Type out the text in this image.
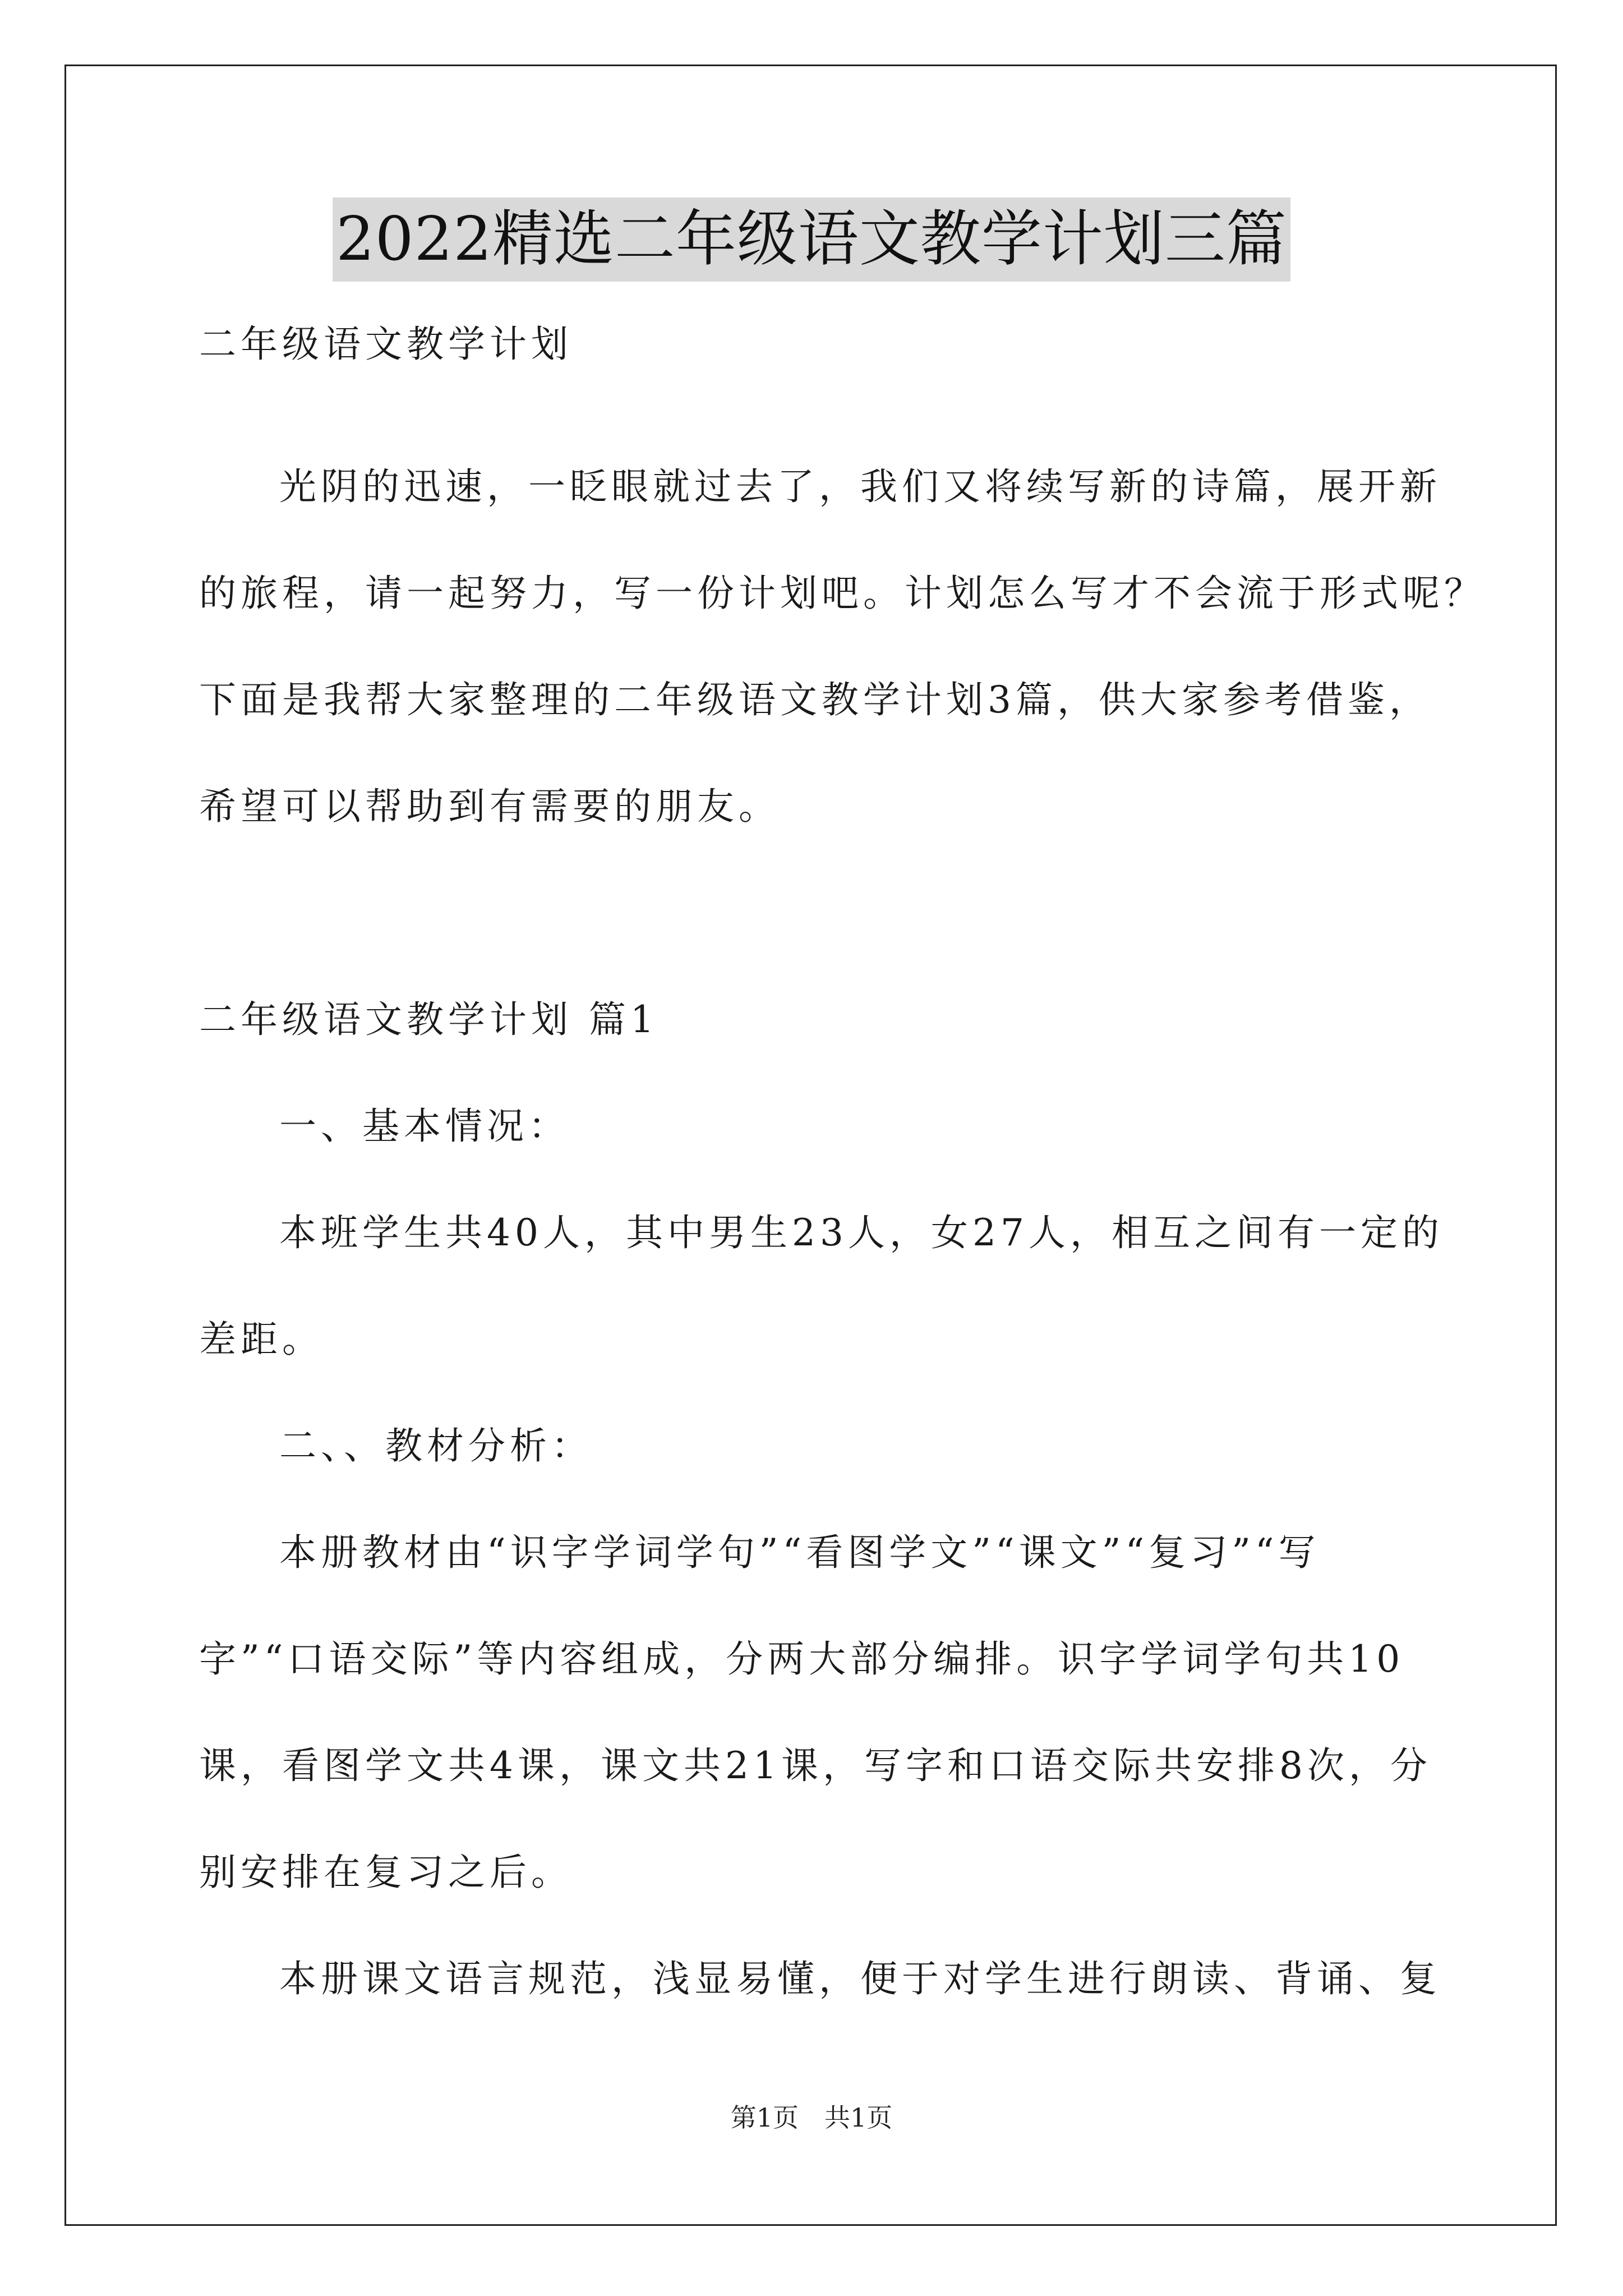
2022精选二年级语文教学计划三篇
二年级语文教学计划
光阴的迅速，一眨眼就过去了，我们又将续写新的诗篇，展开新
的旅程，请一起努力，写一份计划吧。计划怎么写才不会流于形式呢？
下面是我帮大家整理的二年级语文教学计划3篇，供大家参考借鉴，
希望可以帮助到有需要的朋友。
二年级语文教学计划 篇1
一、基本情况：
本班学生共40人，其中男生23人，女27人，相互之间有一定的
差距。
二、、教材分析：
本册教材由“识字学词学句”“看图学文”“课文”“复习”“写
字”“口语交际”等内容组成，分两大部分编排。识字学词学句共10
课，看图学文共4课，课文共21课，写字和口语交际共安排8次，分
别安排在复习之后。
本册课文语言规范，浅显易懂，便于对学生进行朗读、背诵、复
第1页　共1页
